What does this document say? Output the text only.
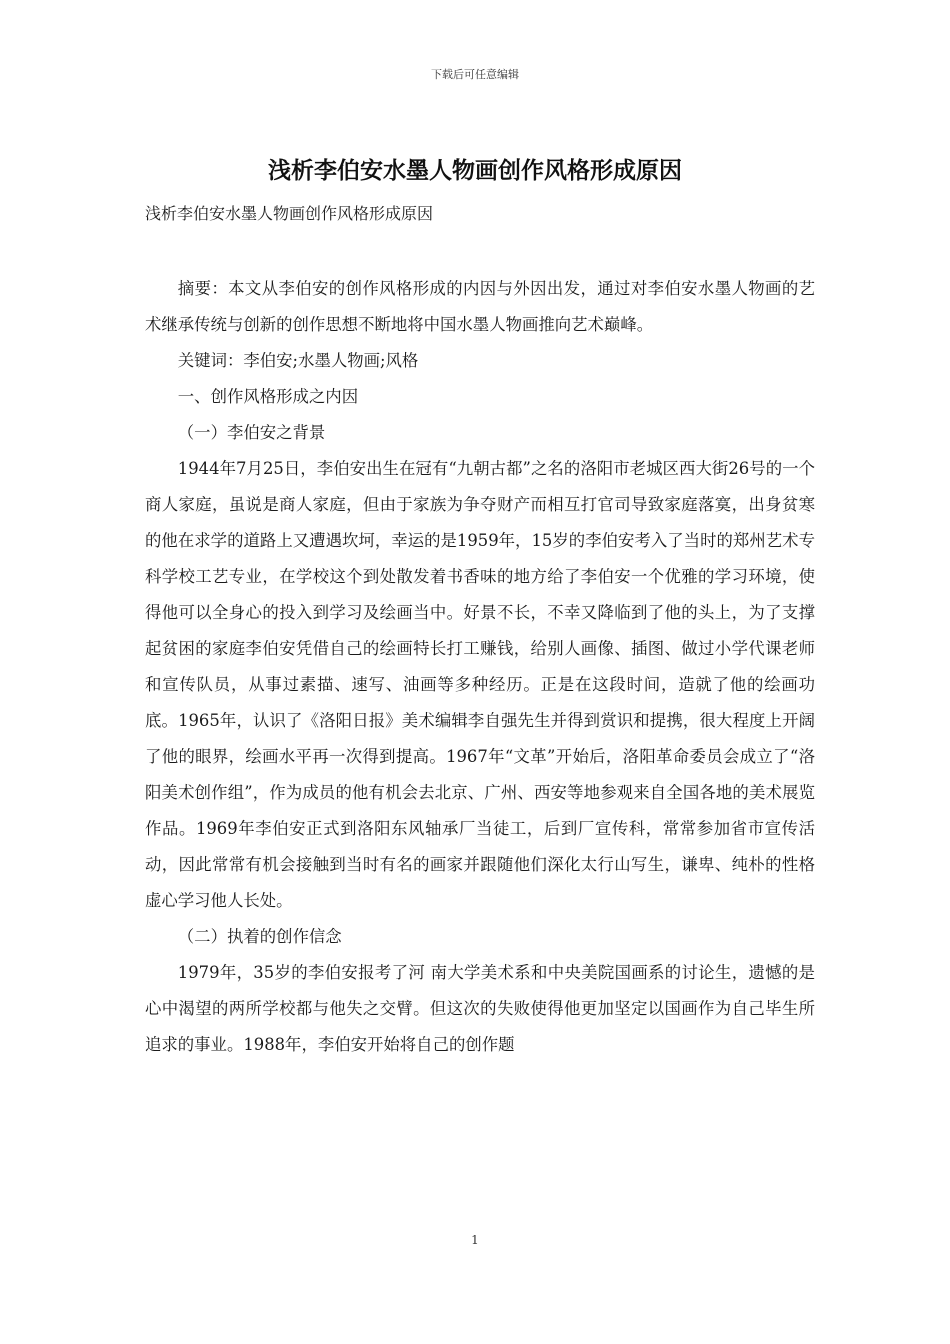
下载后可任意编辑
浅析李伯安水墨人物画创作风格形成原因
浅析李伯安水墨人物画创作风格形成原因

摘要：本文从李伯安的创作风格形成的内因与外因出发，通过对李伯安水墨人物画的艺术继承传统与创新的创作思想不断地将中国水墨人物画推向艺术巅峰。

关键词：李伯安;水墨人物画;风格

一、创作风格形成之内因

（一）李伯安之背景

1944年7月25日，李伯安出生在冠有“九朝古都”之名的洛阳市老城区西大街26号的一个商人家庭，虽说是商人家庭，但由于家族为争夺财产而相互打官司导致家庭落寞，出身贫寒的他在求学的道路上又遭遇坎坷，幸运的是1959年，15岁的李伯安考入了当时的郑州艺术专科学校工艺专业，在学校这个到处散发着书香味的地方给了李伯安一个优雅的学习环境，使得他可以全身心的投入到学习及绘画当中。好景不长，不幸又降临到了他的头上，为了支撑起贫困的家庭李伯安凭借自己的绘画特长打工赚钱，给别人画像、插图、做过小学代课老师和宣传队员，从事过素描、速写、油画等多种经历。正是在这段时间，造就了他的绘画功底。1965年，认识了《洛阳日报》美术编辑李自强先生并得到赏识和提携，很大程度上开阔了他的眼界，绘画水平再一次得到提高。1967年“文革”开始后，洛阳革命委员会成立了“洛阳美术创作组”，作为成员的他有机会去北京、广州、西安等地参观来自全国各地的美术展览作品。1969年李伯安正式到洛阳东风轴承厂当徒工，后到厂宣传科，常常参加省市宣传活动，因此常常有机会接触到当时有名的画家并跟随他们深化太行山写生，谦卑、纯朴的性格虚心学习他人长处。

（二）执着的创作信念

1979年，35岁的李伯安报考了河 南大学美术系和中央美院国画系的讨论生，遗憾的是心中渴望的两所学校都与他失之交臂。但这次的失败使得他更加坚定以国画作为自己毕生所追求的事业。1988年，李伯安开始将自己的创作题

1
